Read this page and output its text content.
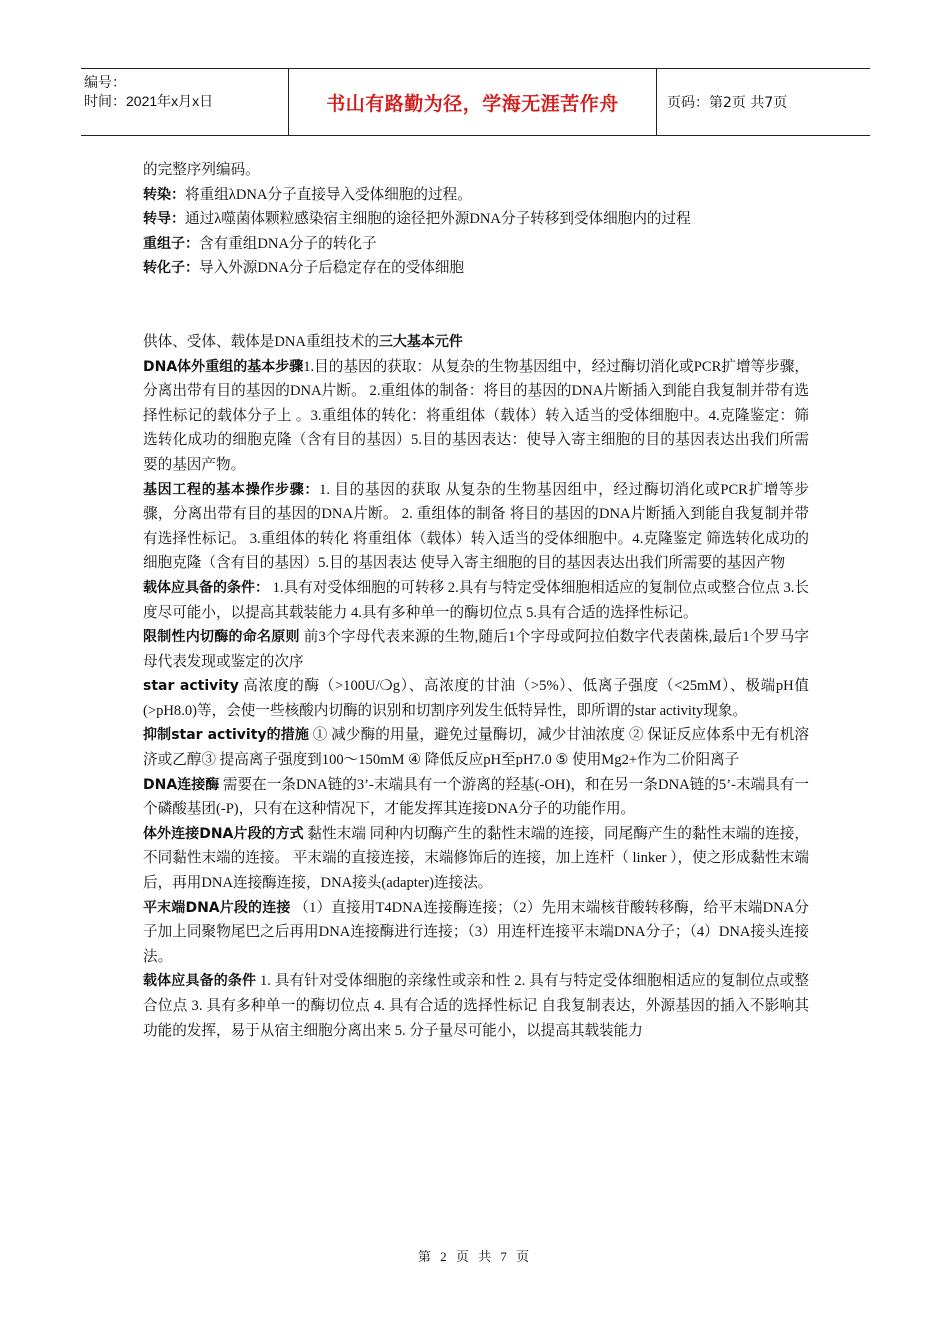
编号：
时间：2021年x月x日	书山有路勤为径，学海无涯苦作舟	页码：第2页 共7页

的完整序列编码。

转染：将重组λDNA分子直接导入受体细胞的过程。

转导：通过λ噬菌体颗粒感染宿主细胞的途径把外源DNA分子转移到受体细胞内的过程

重组子：含有重组DNA分子的转化子

转化子：导入外源DNA分子后稳定存在的受体细胞

供体、受体、载体是DNA重组技术的三大基本元件

DNA体外重组的基本步骤1.目的基因的获取：从复杂的生物基因组中，经过酶切消化或PCR扩增等步骤，分离出带有目的基因的DNA片断。 2.重组体的制备：将目的基因的DNA片断插入到能自我复制并带有选择性标记的载体分子上 。3.重组体的转化：将重组体（载体）转入适当的受体细胞中。4.克隆鉴定：筛选转化成功的细胞克隆（含有目的基因）5.目的基因表达：使导入寄主细胞的目的基因表达出我们所需要的基因产物。

基因工程的基本操作步骤：1. 目的基因的获取 从复杂的生物基因组中，经过酶切消化或PCR扩增等步骤，分离出带有目的基因的DNA片断。 2. 重组体的制备 将目的基因的DNA片断插入到能自我复制并带有选择性标记。 3.重组体的转化 将重组体（载体）转入适当的受体细胞中。4.克隆鉴定 筛选转化成功的细胞克隆（含有目的基因）5.目的基因表达 使导入寄主细胞的目的基因表达出我们所需要的基因产物

载体应具备的条件： 1.具有对受体细胞的可转移 2.具有与特定受体细胞相适应的复制位点或整合位点 3.长度尽可能小，以提高其载装能力 4.具有多种单一的酶切位点 5.具有合适的选择性标记。

限制性内切酶的命名原则 前3个字母代表来源的生物,随后1个字母或阿拉伯数字代表菌株,最后1个罗马字母代表发现或鉴定的次序

star activity 高浓度的酶（>100U/❍g）、高浓度的甘油（>5%）、低离子强度（<25mM）、极端pH值(>pH8.0)等，会使一些核酸内切酶的识别和切割序列发生低特异性，即所谓的star activity现象。

抑制star activity的措施 ① 减少酶的用量，避免过量酶切，减少甘油浓度 ② 保证反应体系中无有机溶济或乙醇③ 提高离子强度到100～150mM ④ 降低反应pH至pH7.0 ⑤ 使用Mg2+作为二价阳离子

DNA连接酶 需要在一条DNA链的3’-末端具有一个游离的羟基(-OH)，和在另一条DNA链的5’-末端具有一个磷酸基团(-P)，只有在这种情况下，才能发挥其连接DNA分子的功能作用。

体外连接DNA片段的方式 黏性末端 同种内切酶产生的黏性末端的连接，同尾酶产生的黏性末端的连接，不同黏性末端的连接。 平末端的直接连接，末端修饰后的连接，加上连杆（ linker ），使之形成黏性末端后，再用DNA连接酶连接，DNA接头(adapter)连接法。

平末端DNA片段的连接 （1）直接用T4DNA连接酶连接；（2）先用末端核苷酸转移酶，给平末端DNA分子加上同聚物尾巴之后再用DNA连接酶进行连接；（3）用连杆连接平末端DNA分子；（4）DNA接头连接法。

载体应具备的条件 1. 具有针对受体细胞的亲缘性或亲和性 2. 具有与特定受体细胞相适应的复制位点或整合位点 3. 具有多种单一的酶切位点 4. 具有合适的选择性标记 自我复制表达，外源基因的插入不影响其功能的发挥，易于从宿主细胞分离出来 5. 分子量尽可能小，以提高其载装能力

第 2 页 共 7 页
